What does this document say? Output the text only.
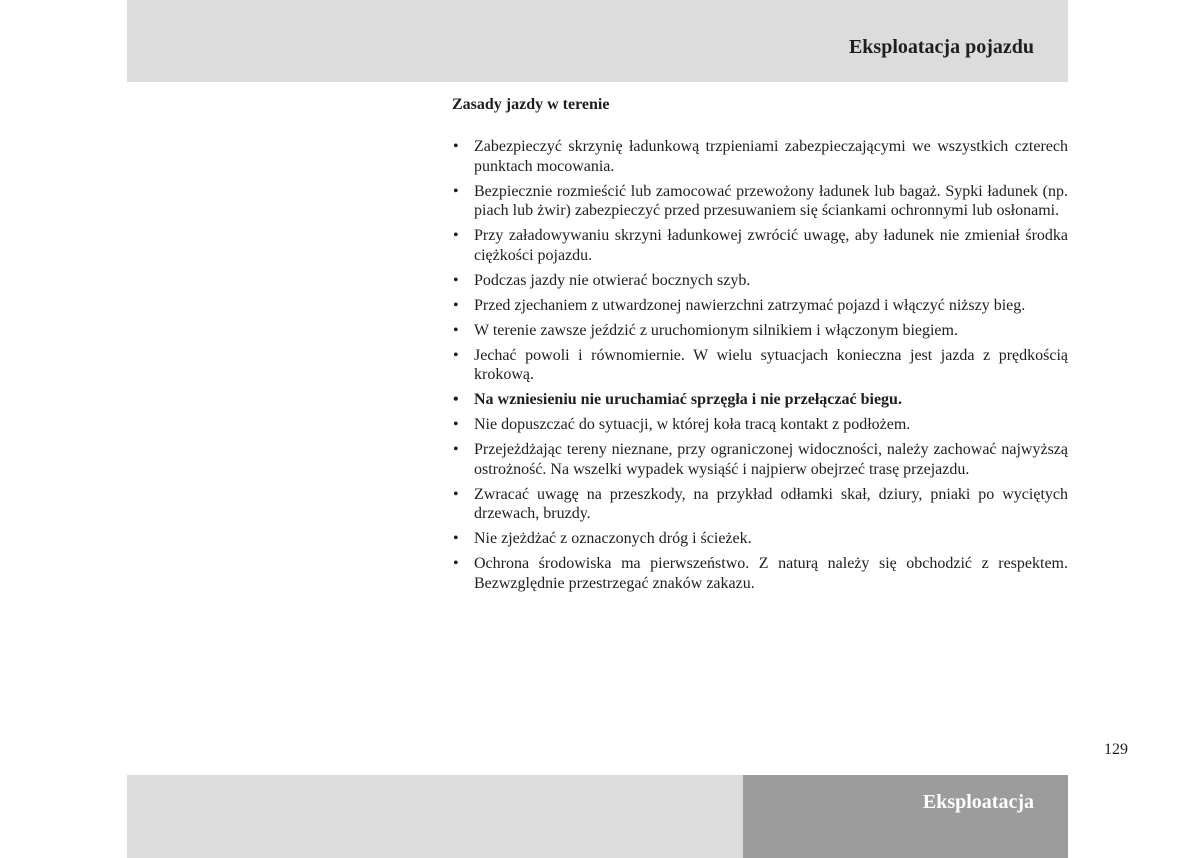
Eksploatacja pojazdu
Zasady jazdy w terenie
• Zabezpieczyć skrzynię ładunkową trzpieniami zabezpieczającymi we wszystkich czterech punktach mocowania.
• Bezpiecznie rozmieścić lub zamocować przewożony ładunek lub bagaż. Sypki ładunek (np. piach lub żwir) zabezpieczyć przed przesuwaniem się ściankami ochronnymi lub osłonami.
• Przy załadowywaniu skrzyni ładunkowej zwrócić uwagę, aby ładunek nie zmieniał środka ciężkości pojazdu.
• Podczas jazdy nie otwierać bocznych szyb.
• Przed zjechaniem z utwardzonej nawierzchni zatrzymać pojazd i włączyć niższy bieg.
• W terenie zawsze jeździć z uruchomionym silnikiem i włączonym biegiem.
• Jechać powoli i równomiernie. W wielu sytuacjach konieczna jest jazda z prędkością krokową.
• Na wzniesieniu nie uruchamiać sprzęgła i nie przełączać biegu.
• Nie dopuszczać do sytuacji, w której koła tracą kontakt z podłożem.
• Przejeżdżając tereny nieznane, przy ograniczonej widoczności, należy zachować najwyższą ostrożność. Na wszelki wypadek wysiąść i najpierw obejrzeć trasę przejazdu.
• Zwracać uwagę na przeszkody, na przykład odłamki skał, dziury, pniaki po wyciętych drzewach, bruzdy.
• Nie zjeżdżać z oznaczonych dróg i ścieżek.
• Ochrona środowiska ma pierwszeństwo. Z naturą należy się obchodzić z respektem. Bezwzględnie przestrzegać znaków zakazu.
129
Eksploatacja
